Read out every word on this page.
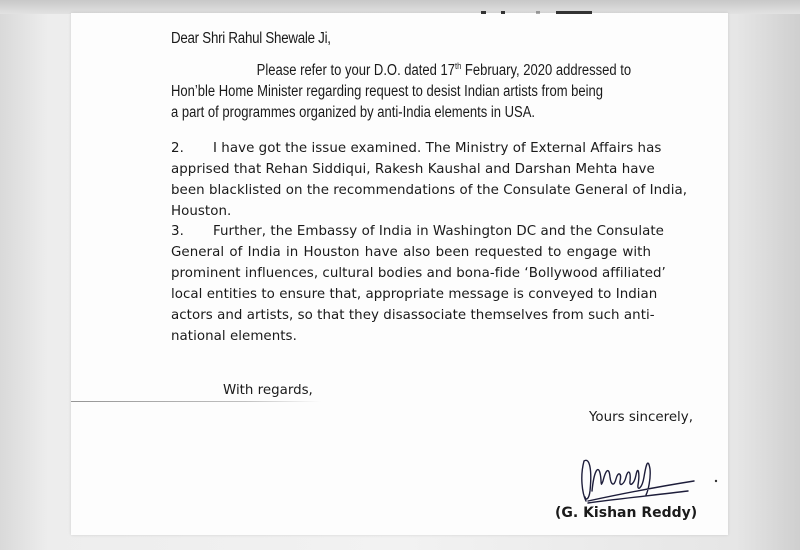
Dear Shri Rahul Shewale Ji,
Please refer to your D.O. dated 17th February, 2020 addressed to
Hon’ble Home Minister regarding request to desist Indian artists from being
a part of programmes organized by anti-India elements in USA.
2. I have got the issue examined. The Ministry of External Affairs has
apprised that Rehan Siddiqui, Rakesh Kaushal and Darshan Mehta have
been blacklisted on the recommendations of the Consulate General of India,
Houston.
3. Further, the Embassy of India in Washington DC and the Consulate
General of India in Houston have also been requested to engage with
prominent influences, cultural bodies and bona-fide ‘Bollywood affiliated’
local entities to ensure that, appropriate message is conveyed to Indian
actors and artists, so that they disassociate themselves from such anti-
national elements.
With regards,
Yours sincerely,
(G. Kishan Reddy)
